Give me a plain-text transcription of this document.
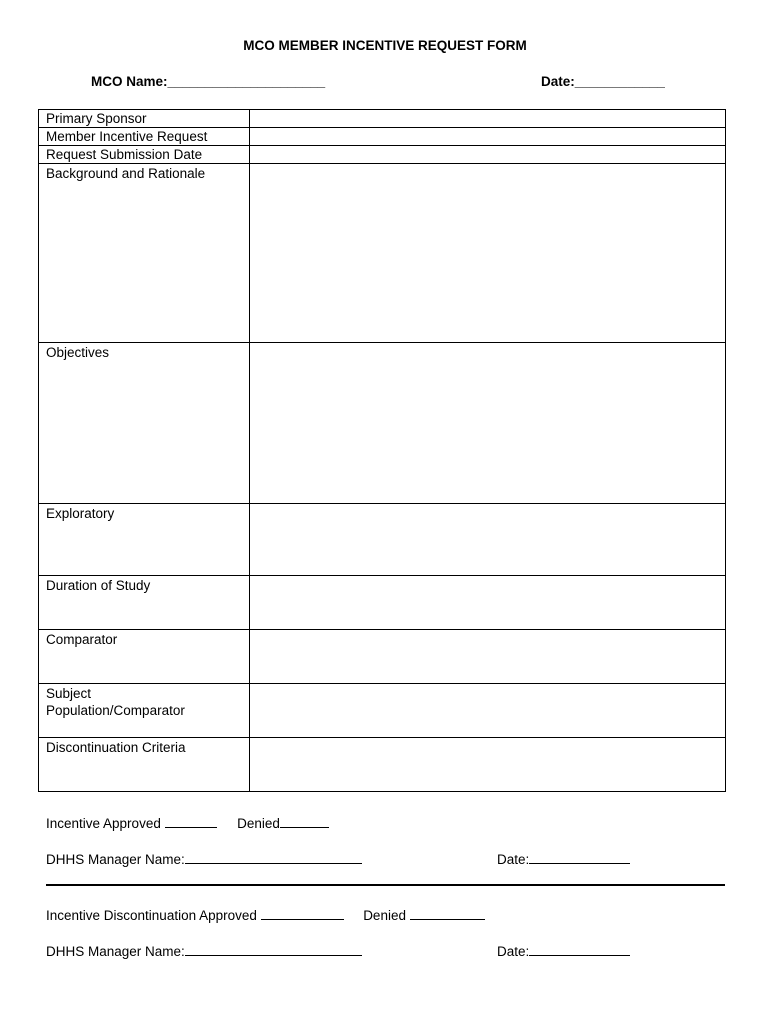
MCO MEMBER INCENTIVE REQUEST FORM
MCO Name:_____________________	Date:____________
Primary Sponsor	
Member Incentive Request	
Request Submission Date	
Background and Rationale	
Objectives	
Exploratory	
Duration of Study	
Comparator	
Subject Population/Comparator	
Discontinuation Criteria	
Incentive Approved	Denied
DHHS Manager Name:	Date:
Incentive Discontinuation Approved	Denied
DHHS Manager Name:	Date:
